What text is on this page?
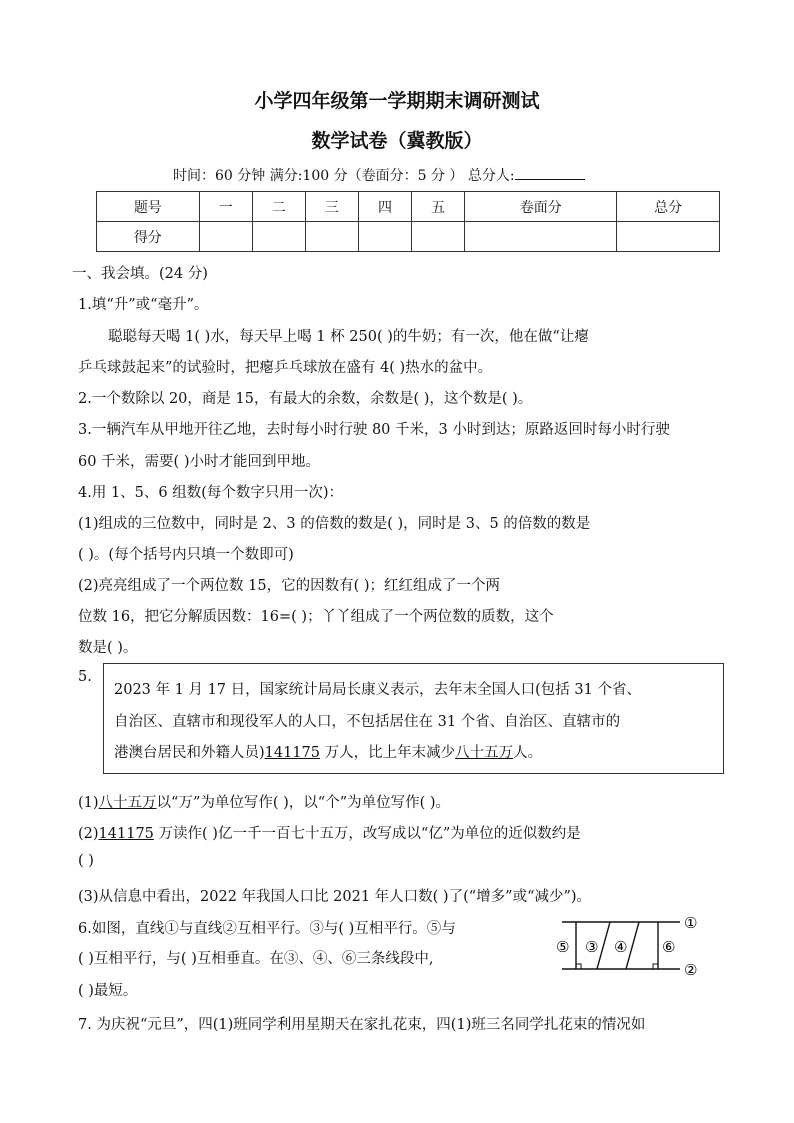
小学四年级第一学期期末调研测试
数学试卷（冀教版）
时间：60 分钟 满分:100 分（卷面分：5 分 ） 总分人:
题号	一	二	三	四	五	卷面分	总分
得分							
一、我会填。(24 分)
1.填“升”或“毫升”。
聪聪每天喝 1( )水，每天早上喝 1 杯 250( )的牛奶；有一次，他在做“让瘪
乒乓球鼓起来”的试验时，把瘪乒乓球放在盛有 4( )热水的盆中。
2.一个数除以 20，商是 15，有最大的余数，余数是( )，这个数是( )。
3.一辆汽车从甲地开往乙地，去时每小时行驶 80 千米，3 小时到达；原路返回时每小时行驶
60 千米，需要( )小时才能回到甲地。
4.用 1、5、6 组数(每个数字只用一次)：
(1)组成的三位数中，同时是 2、3 的倍数的数是( )，同时是 3、5 的倍数的数是
( )。(每个括号内只填一个数即可)
(2)亮亮组成了一个两位数 15，它的因数有( )；红红组成了一个两
位数 16，把它分解质因数：16=( )；丫丫组成了一个两位数的质数，这个
数是( )。
5.
2023 年 1 月 17 日，国家统计局局长康义表示，去年末全国人口(包括 31 个省、
自治区、直辖市和现役军人的人口，不包括居住在 31 个省、自治区、直辖市的
港澳台居民和外籍人员)141175 万人，比上年末减少八十五万人。
(1)八十五万以“万”为单位写作( )，以“个”为单位写作( )。
(2)141175 万读作( )亿一千一百七十五万，改写成以“亿”为单位的近似数约是
( )
(3)从信息中看出，2022 年我国人口比 2021 年人口数( )了(“增多”或“减少”)。
6.如图，直线①与直线②互相平行。③与( )互相平行。⑤与
( )互相平行，与( )互相垂直。在③、④、⑥三条线段中,
( )最短。
①
②
⑤ ③ ④ ⑥
7. 为庆祝“元旦”，四(1)班同学利用星期天在家扎花束，四(1)班三名同学扎花束的情况如
